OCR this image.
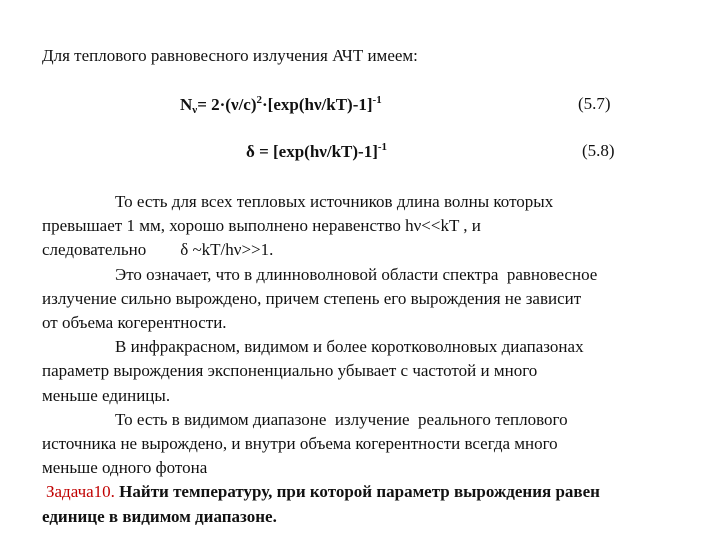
Для теплового равновесного излучения АЧТ имеем:
$N_\nu= 2\cdot(\nu/c)^2\cdot[\exp(h\nu/kT)-1]^{-1}$	(5.7)
$\delta = [\exp(h\nu/kT)-1]^{-1}$	(5.8)
То есть для всех тепловых источников длина волны которых
превышает 1 мм, хорошо выполнено неравенство hν<<kT , и
следовательно        δ ~kT/hν>>1.
Это означает, что в длинноволновой области спектра  равновесное
излучение сильно вырождено, причем степень его вырождения не зависит
от объема когерентности.
В инфракрасном, видимом и более коротковолновых диапазонах
параметр вырождения экспоненциально убывает с частотой и много
меньше единицы.
То есть в видимом диапазоне  излучение  реального теплового
источника не вырождено, и внутри объема когерентности всегда много
меньше одного фотона
Задача10. Найти температуру, при которой параметр вырождения равен
единице в видимом диапазоне.
